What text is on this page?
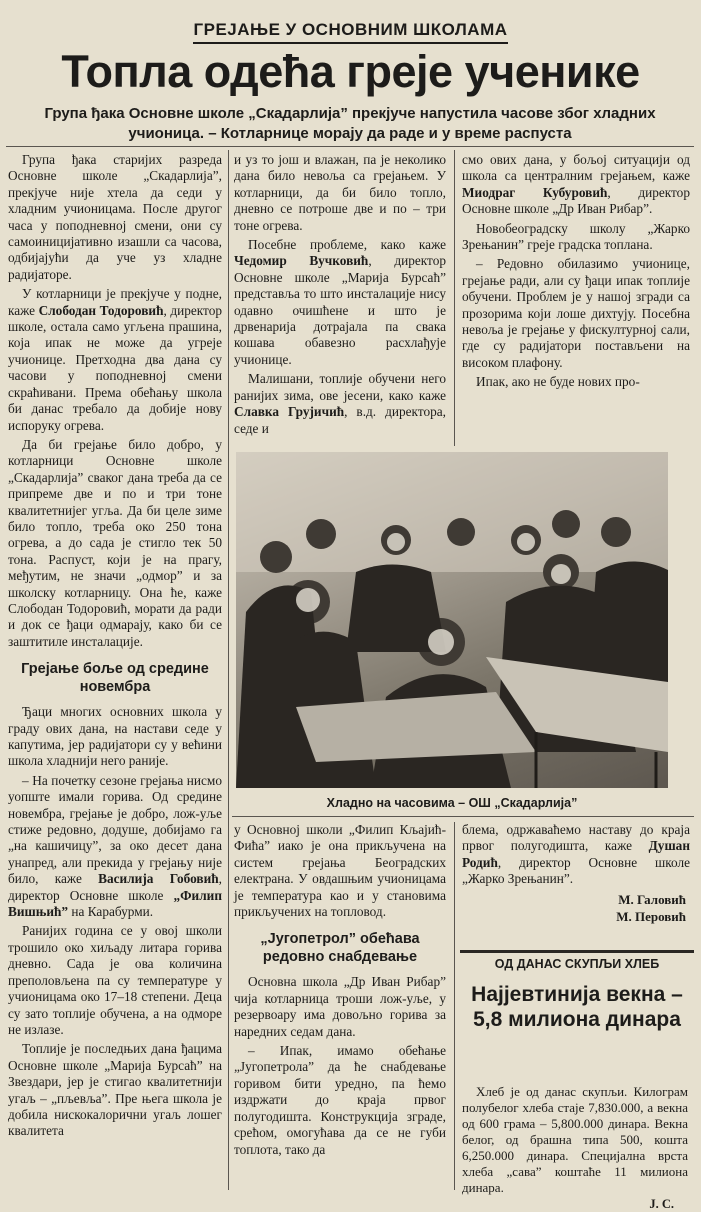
ГРЕЈАЊЕ У ОСНОВНИМ ШКОЛАМА
Топла одећа греје ученике
Група ђака Основне школе „Скадарлија” прекјуче напустила часове због хладних учионица. – Котларнице морају да раде и у време распуста

Група ђака старијих разреда Основне школе „Скадарлија”, прекјуче није хтела да седи у хладним учионицама. После другог часа у поподневној смени, они су самоиницијативно изашли са часова, одбијајући да уче уз хладне радијаторе.

У котларници је прекјуче у подне, каже Слободан Тодоровић, директор школе, остала само угљена прашина, која ипак не може да угреје учионице. Претходна два дана су часови у поподневној смени скраћивани. Према обећању школа би данас требало да добије нову испоруку огрева.

Да би грејање било добро, у котларници Основне школе „Скадарлија” сваког дана треба да се припреме две и по и три тоне квалитетнијег угља. Да би целе зиме било топло, треба око 250 тона огрева, а до сада је стигло тек 50 тона. Распуст, који је на прагу, међутим, не значи „одмор” и за школску котларницу. Она ће, каже Слободан Тодоровић, морати да ради и док се ђаци одмарају, како би се заштитиле инсталације.

Грејање боље од средине новембра

Ђаци многих основних школа у граду ових дана, на настави седе у капутима, јер радијатори су у већини школа хладнији него раније.

– На почетку сезоне грејања нисмо уопште имали горива. Од средине новембра, грејање је добро, лож-уље стиже редовно, додуше, добијамо га „на кашичицу”, за око десет дана унапред, али прекида у грејању није било, каже Василија Гобовић, директор Основне школе „Филип Вишњић” на Карабурми.

Ранијих година се у овој школи трошило око хиљаду литара горива дневно. Сада је ова количина преполовљена па су температуре у учионицама око 17–18 степени. Деца су зато топлије обучена, а на одморе не излазе.

Топлије је последњих дана ђацима Основне школе „Марија Бурсаћ” на Звездари, јер је стигао квалитетнији угаљ – „пљевља”. Пре њега школа је добила нискокалорични угаљ лошег квалитета

и уз то још и влажан, па је неколико дана било невоља са грејањем. У котларници, да би било топло, дневно се потроше две и по – три тоне огрева.

Посебне проблеме, како каже Чедомир Вучковић, директор Основне школе „Марија Бурсаћ” представља то што инсталације нису одавно очишћене и што је дрвенарија дотрајала па свака кошава обавезно расхлађује учионице.

Малишани, топлије обучени него ранијих зима, ове јесени, како каже Славка Грујичић, в.д. директора, седе и

смо ових дана, у бољој ситуацији од школа са централним грејањем, каже Миодраг Кубуровић, директор Основне школе „Др Иван Рибар”.

Новобеоградску школу „Жарко Зрењанин” греје градска топлана.

– Редовно обилазимо учионице, грејање ради, али су ђаци ипак топлије обучени. Проблем је у нашој згради са прозорима који лоше дихтују. Посебна невоља је грејање у фискултурној сали, где су радијатори постављени на високом плафону.

Ипак, ако не буде нових про-

Хладно на часовима – ОШ „Скадарлија”

у Основној школи „Филип Кљајић-Фића” иако је она прикључена на систем грејања Београдских електрана. У овдашњим учионицама је температура као и у становима прикључених на топловод.

„Југопетрол” обећава редовно снабдевање

Основна школа „Др Иван Рибар” чија котларница троши лож-уље, у резервоару има довољно горива за наредних седам дана.

– Ипак, имамо обећање „Југопетрола” да ће снабдевање горивом бити уредно, па ћемо издржати до краја првог полугодишта. Конструкција зграде, срећом, омогућава да се не губи топлота, тако да

блема, одржаваћемо наставу до краја првог полугодишта, каже Душан Родић, директор Основне школе „Жарко Зрењанин”.

М. Галовић
М. Перовић
ОД ДАНАС СКУПЉИ ХЛЕБ
Најјевтинија векна – 5,8 милиона динара

Хлеб је од данас скупљи. Килограм полубелог хлеба стаје 7,830.000, а векна од 600 грама – 5,800.000 динара. Векна белог, од брашна типа 500, кошта 6,250.000 динара. Специјална врста хлеба „сава” коштаће 11 милиона динара.

Ј. С.
